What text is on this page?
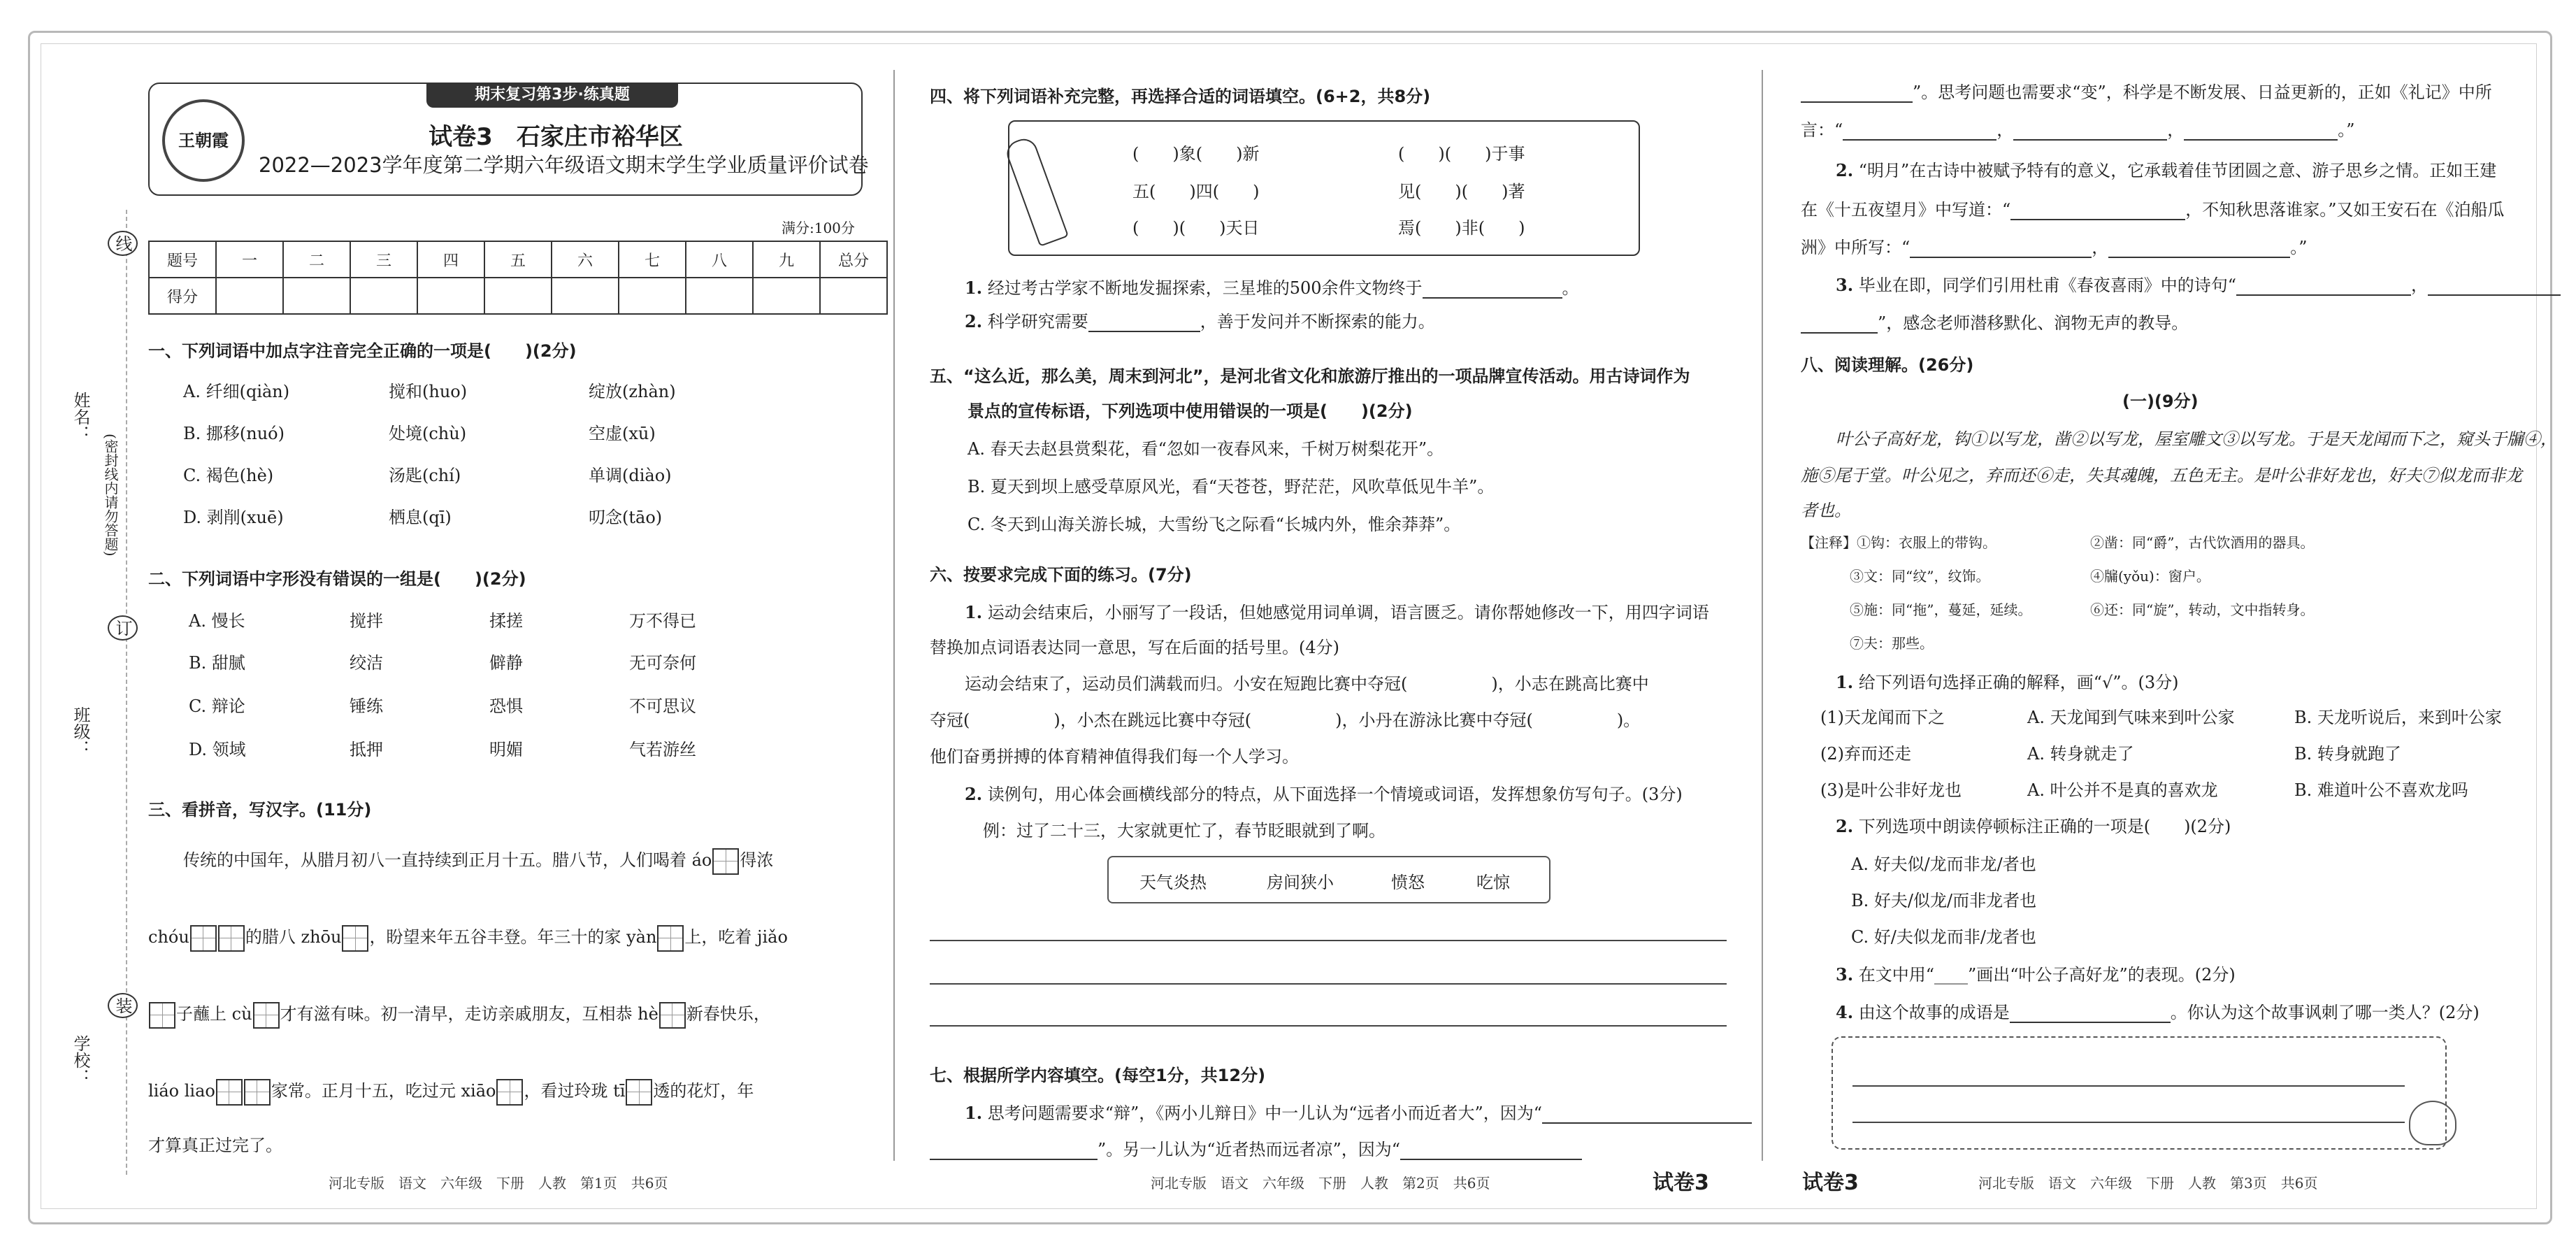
学校：
班级：
姓名：
装
订
线
(密封线内请勿答题)
期末复习第3步·练真题
王朝霞	试卷3　石家庄市裕华区
2022—2023学年度第二学期六年级语文期末学生学业质量评价试卷
满分:100分
题号	一	二	三	四	五	六	七	八	九	总分
得分										
一、下列词语中加点字注音完全正确的一项是(　　)(2分)
A. 纤细(qiàn)	搅和(huo)	绽放(zhàn)
B. 挪移(nuó)	处境(chù)	空虚(xū)
C. 褐色(hè)	汤匙(chí)	单调(diào)
D. 剥削(xuē)	栖息(qī)	叨念(tāo)
二、下列词语中字形没有错误的一组是(　　)(2分)
A. 慢长	搅拌	揉搓	万不得已
B. 甜腻	绞洁	僻静	无可奈何
C. 辩论	锤练	恐惧	不可思议
D. 领域	抵押	明媚	气若游丝
三、看拼音，写汉字。(11分)
传统的中国年，从腊月初八一直持续到正月十五。腊八节，人们喝着 áo 得浓
chóu	的腊八 zhōu ，盼望来年五谷丰登。年三十的家 yàn 上，吃着 jiǎo
子蘸上 cù 才有滋有味。初一清早，走访亲戚朋友，互相恭 hè 新春快乐，
liáo liao	家常。正月十五，吃过元 xiāo ，看过玲珑 tī 透的花灯，年
才算真正过完了。
河北专版　语文　六年级　下册　人教　第1页　共6页
四、将下列词语补充完整，再选择合适的词语填空。(6+2，共8分)
(　　)象(　　)新	(　　)(　　)于事
五(　　)四(　　)	见(　　)(　　)著
(　　)(　　)天日	焉(　　)非(　　)
1. 经过考古学家不断地发掘探索，三星堆的500余件文物终于	。
2. 科学研究需要	，善于发问并不断探索的能力。
五、“这么近，那么美，周末到河北”，是河北省文化和旅游厅推出的一项品牌宣传活动。用古诗词作为
景点的宣传标语，下列选项中使用错误的一项是(　　)(2分)
A. 春天去赵县赏梨花，看“忽如一夜春风来，千树万树梨花开”。
B. 夏天到坝上感受草原风光，看“天苍苍，野茫茫，风吹草低见牛羊”。
C. 冬天到山海关游长城，大雪纷飞之际看“长城内外，惟余莽莽”。
六、按要求完成下面的练习。(7分)
1. 运动会结束后，小丽写了一段话，但她感觉用词单调，语言匮乏。请你帮她修改一下，用四字词语
替换加点词语表达同一意思，写在后面的括号里。(4分)
运动会结束了，运动员们满载而归。小安在短跑比赛中夺冠(　　　　　)，小志在跳高比赛中
夺冠(　　　　　)，小杰在跳远比赛中夺冠(　　　　　)，小丹在游泳比赛中夺冠(　　　　　)。
他们奋勇拼搏的体育精神值得我们每一个人学习。
2. 读例句，用心体会画横线部分的特点，从下面选择一个情境或词语，发挥想象仿写句子。(3分)
例：过了二十三，大家就更忙了，春节眨眼就到了啊。
天气炎热	房间狭小	愤怒	吃惊
七、根据所学内容填空。(每空1分，共12分)
1. 思考问题需要求“辩”，《两小儿辩日》中一儿认为“远者小而近者大”，因为“
”。另一儿认为“近者热而远者凉”，因为“
河北专版　语文　六年级　下册　人教　第2页　共6页	试卷3
”。思考问题也需要求“变”，科学是不断发展、日益更新的，正如《礼记》中所
言：“	，	，	。”
2. “明月”在古诗中被赋予特有的意义，它承载着佳节团圆之意、游子思乡之情。正如王建
在《十五夜望月》中写道：“	，不知秋思落谁家。”又如王安石在《泊船瓜
洲》中所写：“	，	。”
3. 毕业在即，同学们引用杜甫《春夜喜雨》中的诗句“	，
”，感念老师潜移默化、润物无声的教导。
八、阅读理解。(26分)
(一)(9分)
叶公子高好龙，钩①以写龙，凿②以写龙，屋室雕文③以写龙。于是天龙闻而下之，窥头于牖④，
施⑤尾于堂。叶公见之，弃而还⑥走，失其魂魄，五色无主。是叶公非好龙也，好夫⑦似龙而非龙
者也。
【注释】①钩：衣服上的带钩。	②凿：同“爵”，古代饮酒用的器具。
③文：同“纹”，纹饰。	④牖(yǒu)：窗户。
⑤施：同“拖”，蔓延，延续。	⑥还：同“旋”，转动，文中指转身。
⑦夫：那些。
1. 给下列语句选择正确的解释，画“√”。(3分)
(1)天龙闻而下之	A. 天龙闻到气味来到叶公家	B. 天龙听说后，来到叶公家
(2)弃而还走	A. 转身就走了	B. 转身就跑了
(3)是叶公非好龙也	A. 叶公并不是真的喜欢龙	B. 难道叶公不喜欢龙吗
2. 下列选项中朗读停顿标注正确的一项是(　　)(2分)
A. 好夫似/龙而非龙/者也
B. 好夫/似龙/而非龙者也
C. 好/夫似龙而非/龙者也
3. 在文中用“____”画出“叶公子高好龙”的表现。(2分)
4. 由这个故事的成语是	。你认为这个故事讽刺了哪一类人？(2分)
试卷3	河北专版　语文　六年级　下册　人教　第3页　共6页
